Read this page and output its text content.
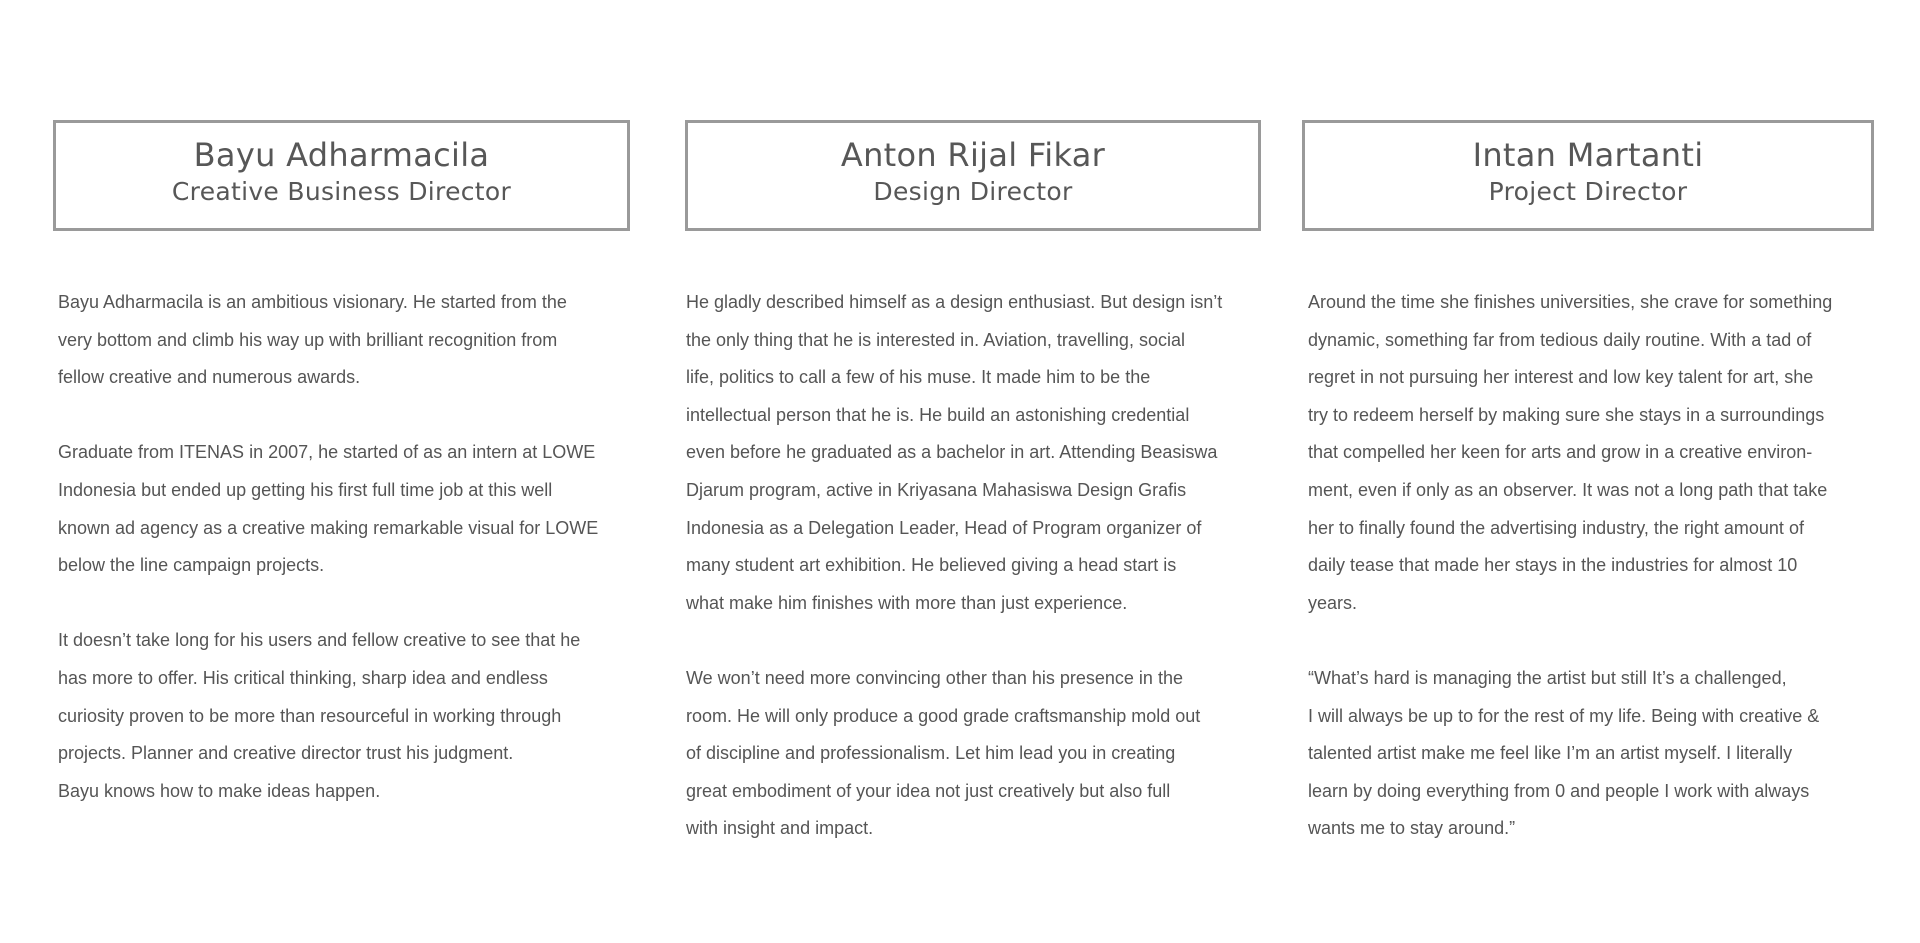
Bayu Adharmacila
Creative Business Director

Bayu Adharmacila is an ambitious visionary. He started from the
very bottom and climb his way up with brilliant recognition from
fellow creative and numerous awards.

Graduate from ITENAS in 2007, he started of as an intern at LOWE
Indonesia but ended up getting his first full time job at this well
known ad agency as a creative making remarkable visual for LOWE
below the line campaign projects.

It doesn’t take long for his users and fellow creative to see that he
has more to offer. His critical thinking, sharp idea and endless
curiosity proven to be more than resourceful in working through
projects. Planner and creative director trust his judgment.
Bayu knows how to make ideas happen.

Anton Rijal Fikar
Design Director

He gladly described himself as a design enthusiast. But design isn’t
the only thing that he is interested in. Aviation, travelling, social
life, politics to call a few of his muse. It made him to be the
intellectual person that he is. He build an astonishing credential
even before he graduated as a bachelor in art. Attending Beasiswa
Djarum program, active in Kriyasana Mahasiswa Design Grafis
Indonesia as a Delegation Leader, Head of Program organizer of
many student art exhibition. He believed giving a head start is
what make him finishes with more than just experience.

We won’t need more convincing other than his presence in the
room. He will only produce a good grade craftsmanship mold out
of discipline and professionalism. Let him lead you in creating
great embodiment of your idea not just creatively but also full
with insight and impact.

Intan Martanti
Project Director

Around the time she finishes universities, she crave for something
dynamic, something far from tedious daily routine. With a tad of
regret in not pursuing her interest and low key talent for art, she
try to redeem herself by making sure she stays in a surroundings
that compelled her keen for arts and grow in a creative environ-
ment, even if only as an observer. It was not a long path that take
her to finally found the advertising industry, the right amount of
daily tease that made her stays in the industries for almost 10
years.

“What’s hard is managing the artist but still It’s a challenged,
I will always be up to for the rest of my life. Being with creative &
talented artist make me feel like I’m an artist myself. I literally
learn by doing everything from 0 and people I work with always
wants me to stay around.”
